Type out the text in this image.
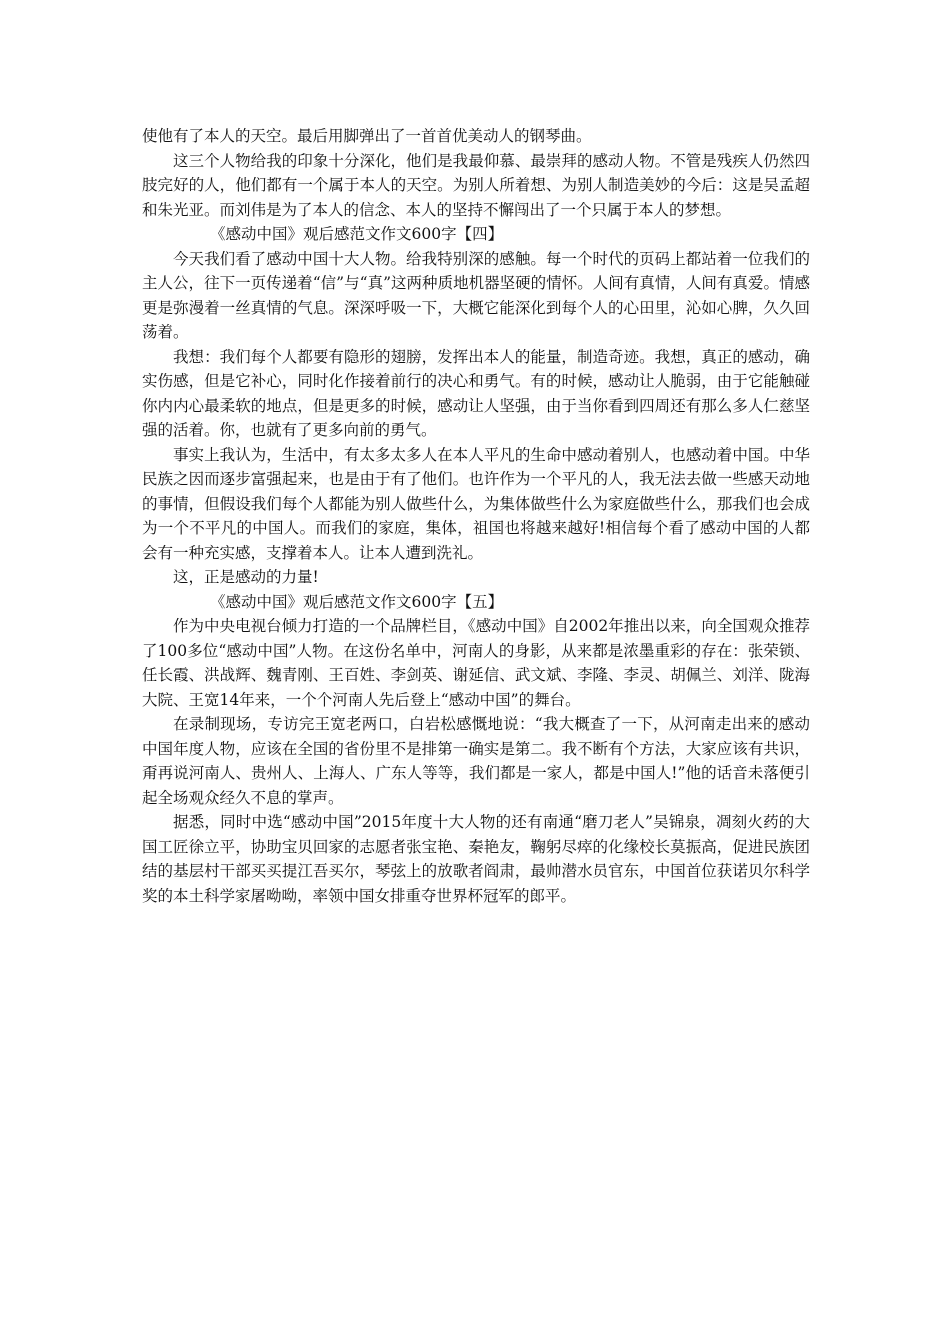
使他有了本人的天空。最后用脚弹出了一首首优美动人的钢琴曲。

这三个人物给我的印象十分深化，他们是我最仰慕、最崇拜的感动人物。不管是残疾人仍然四肢完好的人，他们都有一个属于本人的天空。为别人所着想、为别人制造美妙的今后：这是吴孟超和朱光亚。而刘伟是为了本人的信念、本人的坚持不懈闯出了一个只属于本人的梦想。

《感动中国》观后感范文作文600字【四】

今天我们看了感动中国十大人物。给我特别深的感触。每一个时代的页码上都站着一位我们的主人公，往下一页传递着“信”与“真”这两种质地机器坚硬的情怀。人间有真情，人间有真爱。情感更是弥漫着一丝真情的气息。深深呼吸一下，大概它能深化到每个人的心田里，沁如心脾，久久回荡着。

我想：我们每个人都要有隐形的翅膀，发挥出本人的能量，制造奇迹。我想，真正的感动，确实伤感，但是它补心，同时化作接着前行的决心和勇气。有的时候，感动让人脆弱，由于它能触碰你内内心最柔软的地点，但是更多的时候，感动让人坚强，由于当你看到四周还有那么多人仁慈坚强的活着。你，也就有了更多向前的勇气。

事实上我认为，生活中，有太多太多人在本人平凡的生命中感动着别人，也感动着中国。中华民族之因而逐步富强起来，也是由于有了他们。也许作为一个平凡的人，我无法去做一些感天动地的事情，但假设我们每个人都能为别人做些什么，为集体做些什么为家庭做些什么，那我们也会成为一个不平凡的中国人。而我们的家庭，集体，祖国也将越来越好!相信每个看了感动中国的人都会有一种充实感，支撑着本人。让本人遭到洗礼。

这，正是感动的力量!

《感动中国》观后感范文作文600字【五】

作为中央电视台倾力打造的一个品牌栏目，《感动中国》自2002年推出以来，向全国观众推荐了100多位“感动中国”人物。在这份名单中，河南人的身影，从来都是浓墨重彩的存在：张荣锁、任长霞、洪战辉、魏青刚、王百姓、李剑英、谢延信、武文斌、李隆、李灵、胡佩兰、刘洋、陇海大院、王宽14年来，一个个河南人先后登上“感动中国”的舞台。

在录制现场，专访完王宽老两口，白岩松感慨地说：“我大概查了一下，从河南走出来的感动中国年度人物，应该在全国的省份里不是排第一确实是第二。我不断有个方法，大家应该有共识，甭再说河南人、贵州人、上海人、广东人等等，我们都是一家人，都是中国人!”他的话音未落便引起全场观众经久不息的掌声。

据悉，同时中选“感动中国”2015年度十大人物的还有南通“磨刀老人”吴锦泉，凋刻火药的大国工匠徐立平，协助宝贝回家的志愿者张宝艳、秦艳友，鞠躬尽瘁的化缘校长莫振高，促进民族团结的基层村干部买买提江吾买尔，琴弦上的放歌者阎肃，最帅潜水员官东，中国首位获诺贝尔科学奖的本土科学家屠呦呦，率领中国女排重夺世界杯冠军的郎平。
